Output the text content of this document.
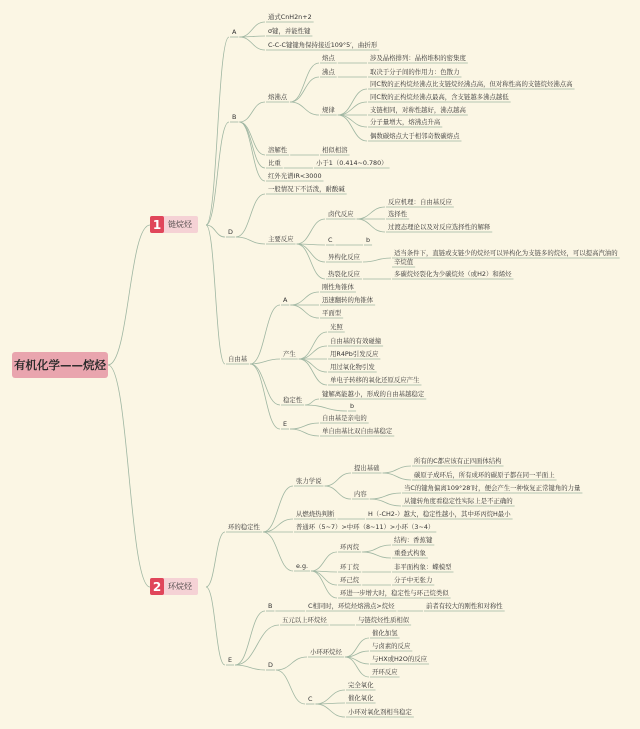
有机化学——烷烃
1 链烷烃
2 环烷烃
A
通式CnH2n+2
σ键，并能性键
C-C-C键键角保持接近109°5′，曲折形
B
熔沸点
熔点	涉及晶格排列：晶格堆积的密集度
沸点	取决于分子间的作用力：色散力
规律
同C数的正构烷烃沸点比支链烷烃沸点高，但对称性高的支链烷烃沸点高
同C数的正构烷烃沸点最高，含支链越多沸点越低
支链相同，对称性越好，沸点越高
分子量增大，熔沸点升高
偶数碳熔点大于相邻奇数碳熔点
溶解性	相似相溶
比重	小于1（0.414~0.780）
红外光谱IR<3000
D
一般情况下不活泼，耐酸碱
主要反应
卤代反应
反应机理：自由基反应
选择性
过渡态理论以及对反应选择性的解释
C	b
异构化反应	适当条件下，直链或支链少的烷烃可以异构化为支链多的烷烃，可以提高汽油的
辛烷值
热裂化反应	多碳烷烃裂化为少碳烷烃（或H2）和烯烃
自由基
A
刚性角锥体
迅速翻转的角锥体
平面型
产生
光照
自由基的有效碰撞
用R4Pb引发反应
用过氧化物引发
单电子转移的氧化还原反应产生
稳定性
键解离能越小，形成的自由基越稳定
b
E
自由基是亲电的
单自由基比双自由基稳定
环的稳定性
张力学说
提出基础
所有的C都应该有正四面体结构
碳原子成环后，所有成环的碳原子都在同一平面上
内容
当C的键角偏离109°28′时，便会产生一种恢复正常键角的力量
从键转角度看稳定性实际上是不正确的
从燃烧热判断	H（-CH2-）越大，稳定性越小，其中环丙烷H最小
普通环（5~7）>中环（8~11）>小环（3~4）
e.g.
环丙烷
结构：香蕉键
重叠式构象
环丁烷	非平面构象：蝶模型
环己烷	分子中无张力
环进一步增大时，稳定性与环己烷类似
B	C相同时，环烷烃熔沸点>烷烃	前者有较大的刚性和对称性
E
五元以上环烷烃	与链烷烃性质相似
D
小环环烷烃
催化加氢
与卤素的反应
与HX或H2O的反应
开环反应
C
完全氧化
催化氧化
小环对氧化剂相当稳定
